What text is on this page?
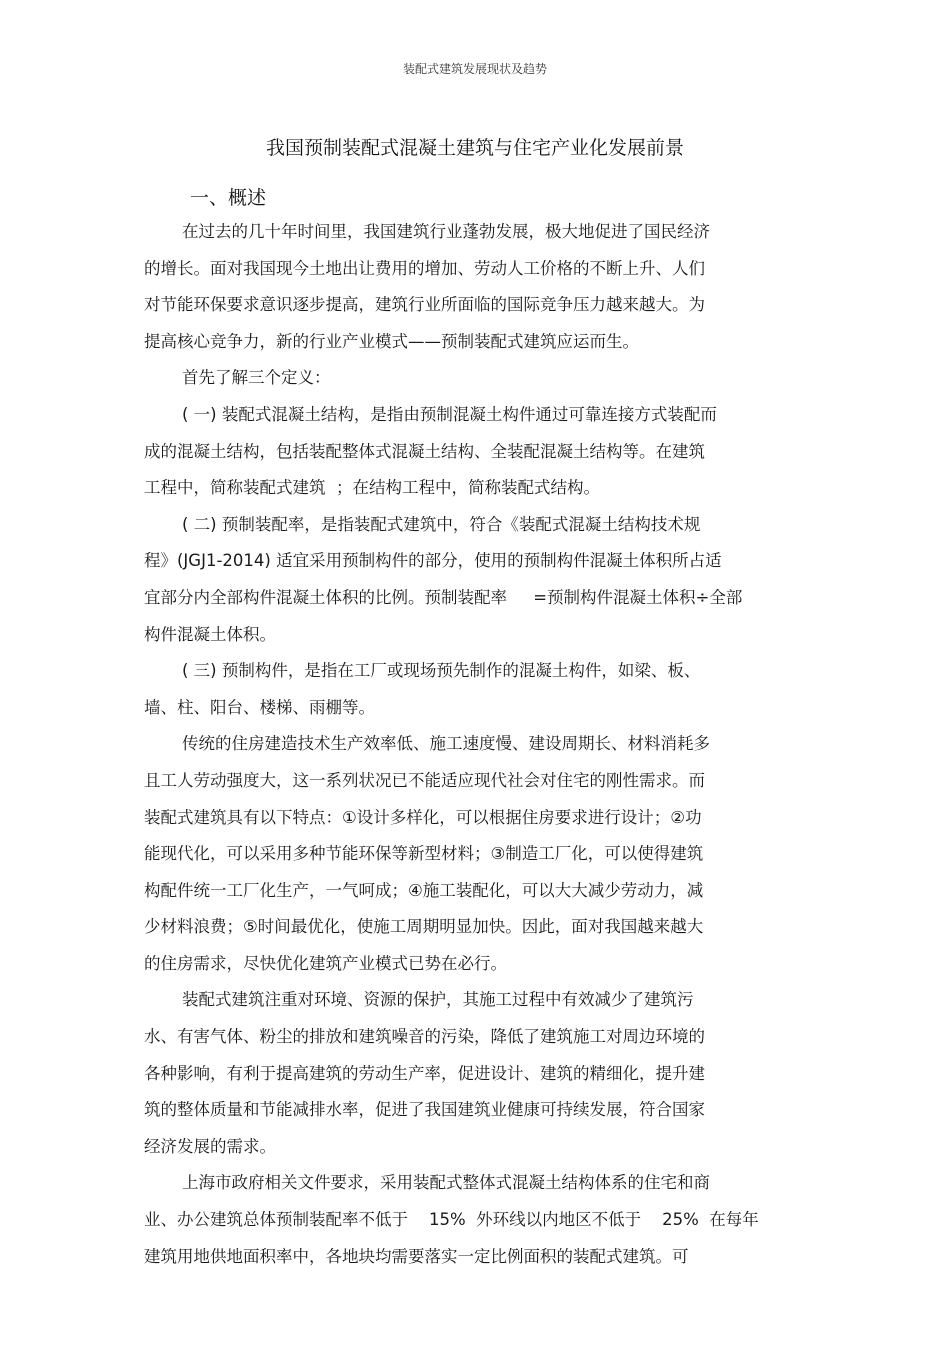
装配式建筑发展现状及趋势
我国预制装配式混凝土建筑与住宅产业化发展前景
一、概述
在过去的几十年时间里，我国建筑行业蓬勃发展，极大地促进了国民经济
的增长。面对我国现今土地出让费用的增加、劳动人工价格的不断上升、人们
对节能环保要求意识逐步提高，建筑行业所面临的国际竞争压力越来越大。为
提高核心竞争力，新的行业产业模式——预制装配式建筑应运而生。
首先了解三个定义：
( 一) 装配式混凝土结构，是指由预制混凝土构件通过可靠连接方式装配而
成的混凝土结构，包括装配整体式混凝土结构、全装配混凝土结构等。在建筑
工程中，简称装配式建筑  ；在结构工程中，简称装配式结构。
( 二) 预制装配率，是指装配式建筑中，符合《装配式混凝土结构技术规
程》(JGJ1-2014) 适宜采用预制构件的部分，使用的预制构件混凝土体积所占适
宜部分内全部构件混凝土体积的比例。预制装配率     =预制构件混凝土体积÷全部
构件混凝土体积。
( 三) 预制构件，是指在工厂或现场预先制作的混凝土构件，如梁、板、
墙、柱、阳台、楼梯、雨棚等。
传统的住房建造技术生产效率低、施工速度慢、建设周期长、材料消耗多
且工人劳动强度大，这一系列状况已不能适应现代社会对住宅的刚性需求。而
装配式建筑具有以下特点：①设计多样化，可以根据住房要求进行设计；②功
能现代化，可以采用多种节能环保等新型材料；③制造工厂化，可以使得建筑
构配件统一工厂化生产，一气呵成；④施工装配化，可以大大减少劳动力，减
少材料浪费；⑤时间最优化，使施工周期明显加快。因此，面对我国越来越大
的住房需求，尽快优化建筑产业模式已势在必行。
装配式建筑注重对环境、资源的保护，其施工过程中有效减少了建筑污
水、有害气体、粉尘的排放和建筑噪音的污染，降低了建筑施工对周边环境的
各种影响，有利于提高建筑的劳动生产率，促进设计、建筑的精细化，提升建
筑的整体质量和节能减排水率，促进了我国建筑业健康可持续发展，符合国家
经济发展的需求。
上海市政府相关文件要求，采用装配式整体式混凝土结构体系的住宅和商
业、办公建筑总体预制装配率不低于    15%  外环线以内地区不低于    25%  在每年
建筑用地供地面积率中，各地块均需要落实一定比例面积的装配式建筑。可
